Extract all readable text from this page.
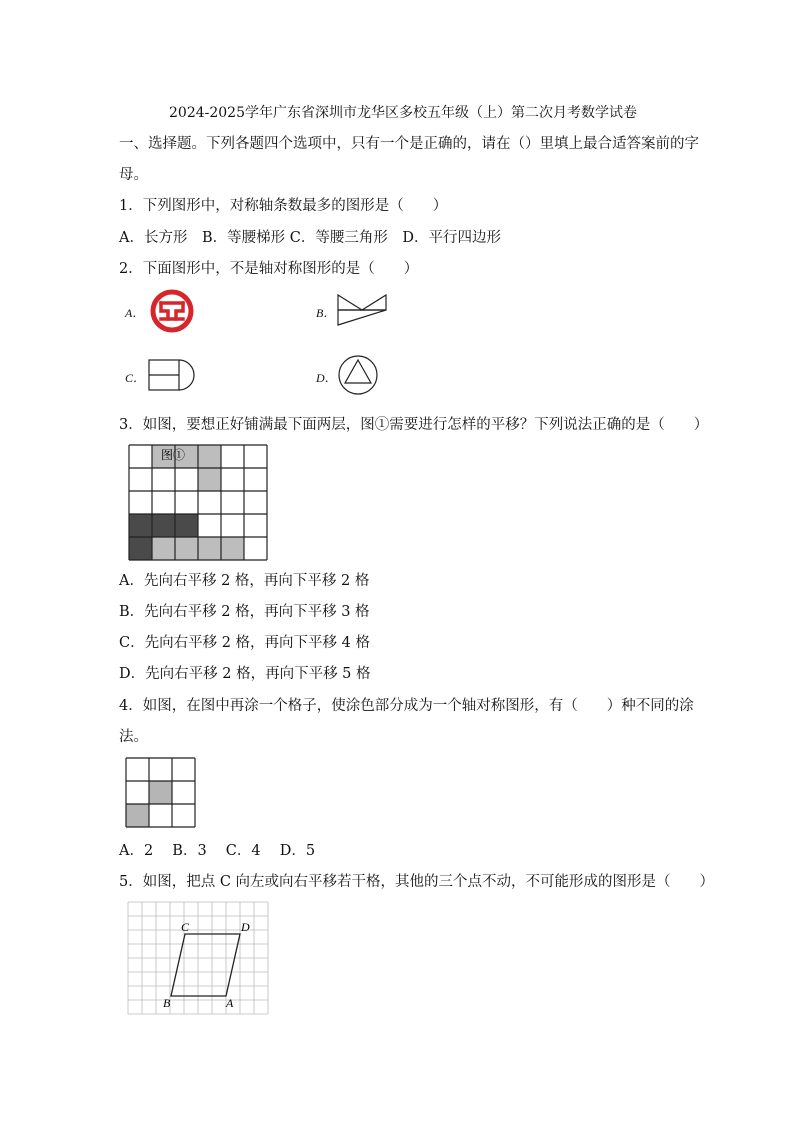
2024-2025学年广东省深圳市龙华区多校五年级（上）第二次月考数学试卷
一、选择题。下列各题四个选项中，只有一个是正确的，请在（）里填上最合适答案前的字
母。
1．下列图形中，对称轴条数最多的图形是（　　）
A．长方形　B．等腰梯形 C．等腰三角形　D．平行四边形
2．下面图形中，不是轴对称图形的是（　　）
A．	B．
C．	D．
3．如图，要想正好铺满最下面两层，图①需要进行怎样的平移？下列说法正确的是（　　）
图①
A．先向右平移 2 格，再向下平移 2 格
B．先向右平移 2 格，再向下平移 3 格
C．先向右平移 2 格，再向下平移 4 格
D．先向右平移 2 格，再向下平移 5 格
4．如图，在图中再涂一个格子，使涂色部分成为一个轴对称图形，有（　　）种不同的涂
法。
A．2　 B．3　 C．4　 D．5
5．如图，把点 C 向左或向右平移若干格，其他的三个点不动，不可能形成的图形是（　　）
C	D
B	A
